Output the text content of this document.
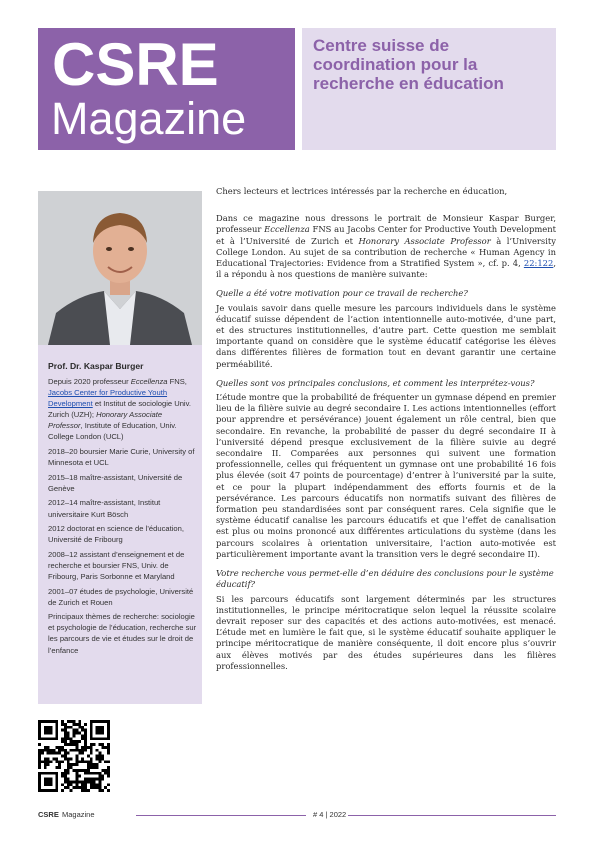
CSRE
Magazine
Centre suisse de coordination pour la recherche en éducation
Prof. Dr. Kaspar Burger
Depuis 2020 professeur Eccellenza FNS, Jacobs Center for Productive Youth Development et Institut de sociologie Univ. Zurich (UZH); Honorary Associate Professor, Institute of Education, Univ. College London (UCL)
2018–20 boursier Marie Curie, University of Minnesota et UCL
2015–18 maître-assistant, Université de Genève
2012–14 maître-assistant, Institut universitaire Kurt Bösch
2012 doctorat en science de l’éducation, Université de Fribourg
2008–12 assistant d’enseignement et de recherche et boursier FNS, Univ. de Fribourg, Paris Sorbonne et Maryland
2001–07 études de psychologie, Université de Zurich et Rouen
Principaux thèmes de recherche: sociologie et psychologie de l’éducation, recherche sur les parcours de vie et études sur le droit de l’enfance

Chers lecteurs et lectrices intéressés par la recherche en éducation,

Dans ce magazine nous dressons le portrait de Monsieur Kaspar Burger, professeur Eccellenza FNS au Jacobs Center for Productive Youth Development et à l’Université de Zurich et Honorary Associate Professor à l’University College London. Au sujet de sa contribution de recherche « Human Agency in Educational Trajectories: Evidence from a Stratified System », cf. p. 4, 22:122, il a répondu à nos questions de manière suivante:

Quelle a été votre motivation pour ce travail de recherche?

Je voulais savoir dans quelle mesure les parcours individuels dans le système éducatif suisse dépendent de l’action intentionnelle auto-motivée, d’une part, et des structures institutionnelles, d’autre part. Cette question me semblait importante quand on considère que le système éducatif catégorise les élèves dans différentes filières de formation tout en devant garantir une certaine perméabilité.

Quelles sont vos principales conclusions, et comment les interprétez-vous?

L’étude montre que la probabilité de fréquenter un gymnase dépend en premier lieu de la filière suivie au degré secondaire I. Les actions intentionnelles (effort pour apprendre et persévérance) jouent également un rôle central, bien que secondaire. En revanche, la probabilité de passer du degré secondaire II à l’université dépend presque exclusivement de la filière suivie au degré secondaire II. Comparées aux personnes qui suivent une formation professionnelle, celles qui fréquentent un gymnase ont une probabilité 16 fois plus élevée (soit 47 points de pourcentage) d’entrer à l’université par la suite, et ce pour la plupart indépendamment des efforts fournis et de la persévérance. Les parcours éducatifs non normatifs suivant des filières de formation peu standardisées sont par conséquent rares. Cela signifie que le système éducatif canalise les parcours éducatifs et que l’effet de canalisation est plus ou moins prononcé aux différentes articulations du système (dans les parcours scolaires à orientation universitaire, l’action auto-motivée est particulièrement importante avant la transition vers le degré secondaire II).

Votre recherche vous permet-elle d’en déduire des conclusions pour le système éducatif?

Si les parcours éducatifs sont largement déterminés par les structures institutionnelles, le principe méritocratique selon lequel la réussite scolaire devrait reposer sur des capacités et des actions auto-motivées, est menacé. L’étude met en lumière le fait que, si le système éducatif souhaite appliquer le principe méritocratique de manière conséquente, il doit encore plus s’ouvrir aux élèves motivés par des études supérieures dans les filières professionnelles.

CSRE Magazine	# 4 | 2022
